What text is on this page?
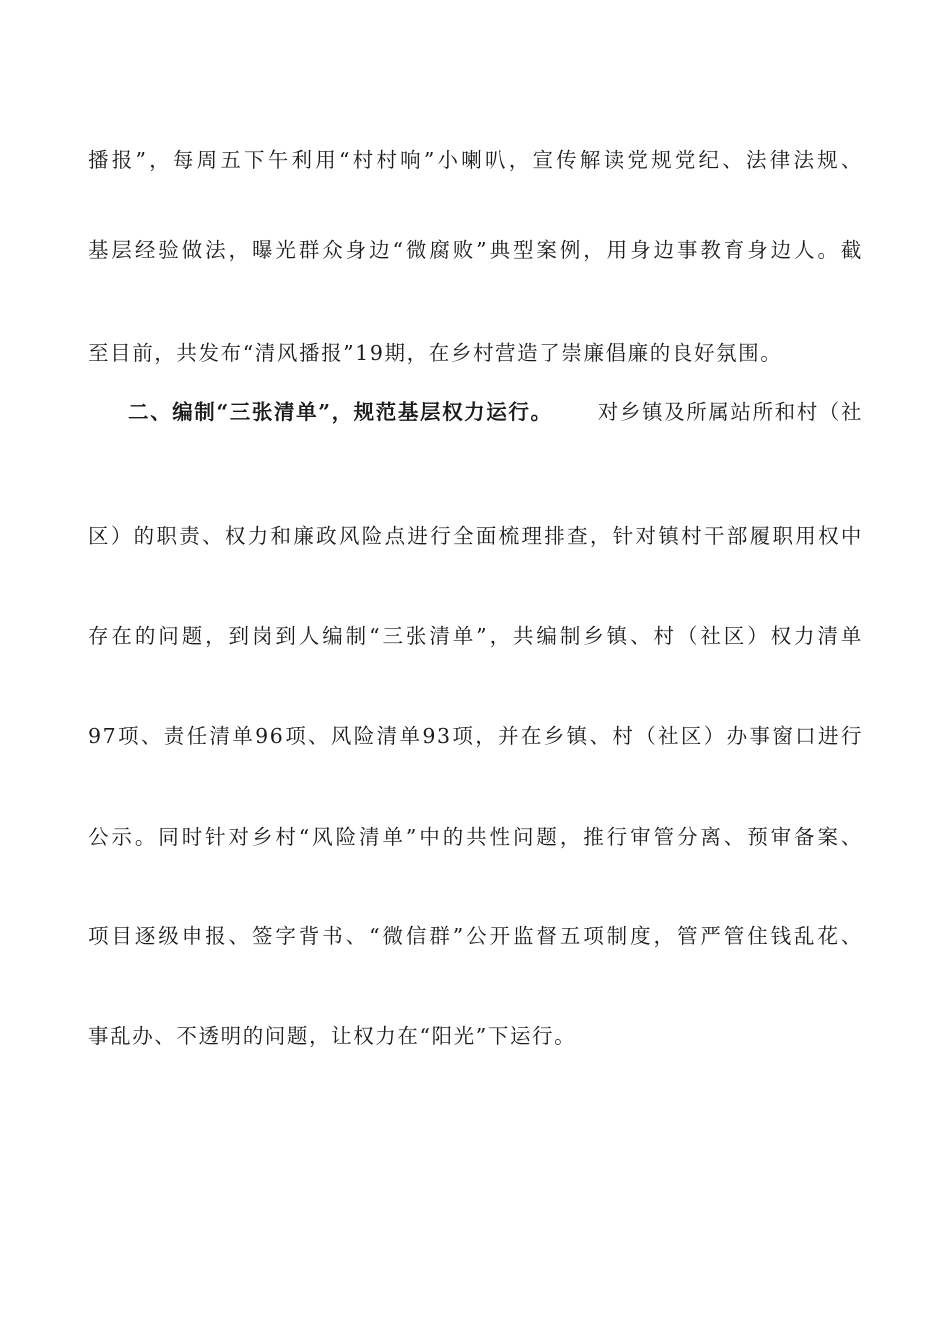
播报”，每周五下午利用“村村响”小喇叭，宣传解读党规党纪、法律法规、
基层经验做法，曝光群众身边“微腐败”典型案例，用身边事教育身边人。截
至目前，共发布“清风播报”19期，在乡村营造了崇廉倡廉的良好氛围。
二、编制“三张清单”，规范基层权力运行。 对乡镇及所属站所和村（社
区）的职责、权力和廉政风险点进行全面梳理排查，针对镇村干部履职用权中
存在的问题，到岗到人编制“三张清单”，共编制乡镇、村（社区）权力清单
97项、责任清单96项、风险清单93项，并在乡镇、村（社区）办事窗口进行
公示。同时针对乡村“风险清单”中的共性问题，推行审管分离、预审备案、
项目逐级申报、签字背书、“微信群”公开监督五项制度，管严管住钱乱花、
事乱办、不透明的问题，让权力在“阳光”下运行。
